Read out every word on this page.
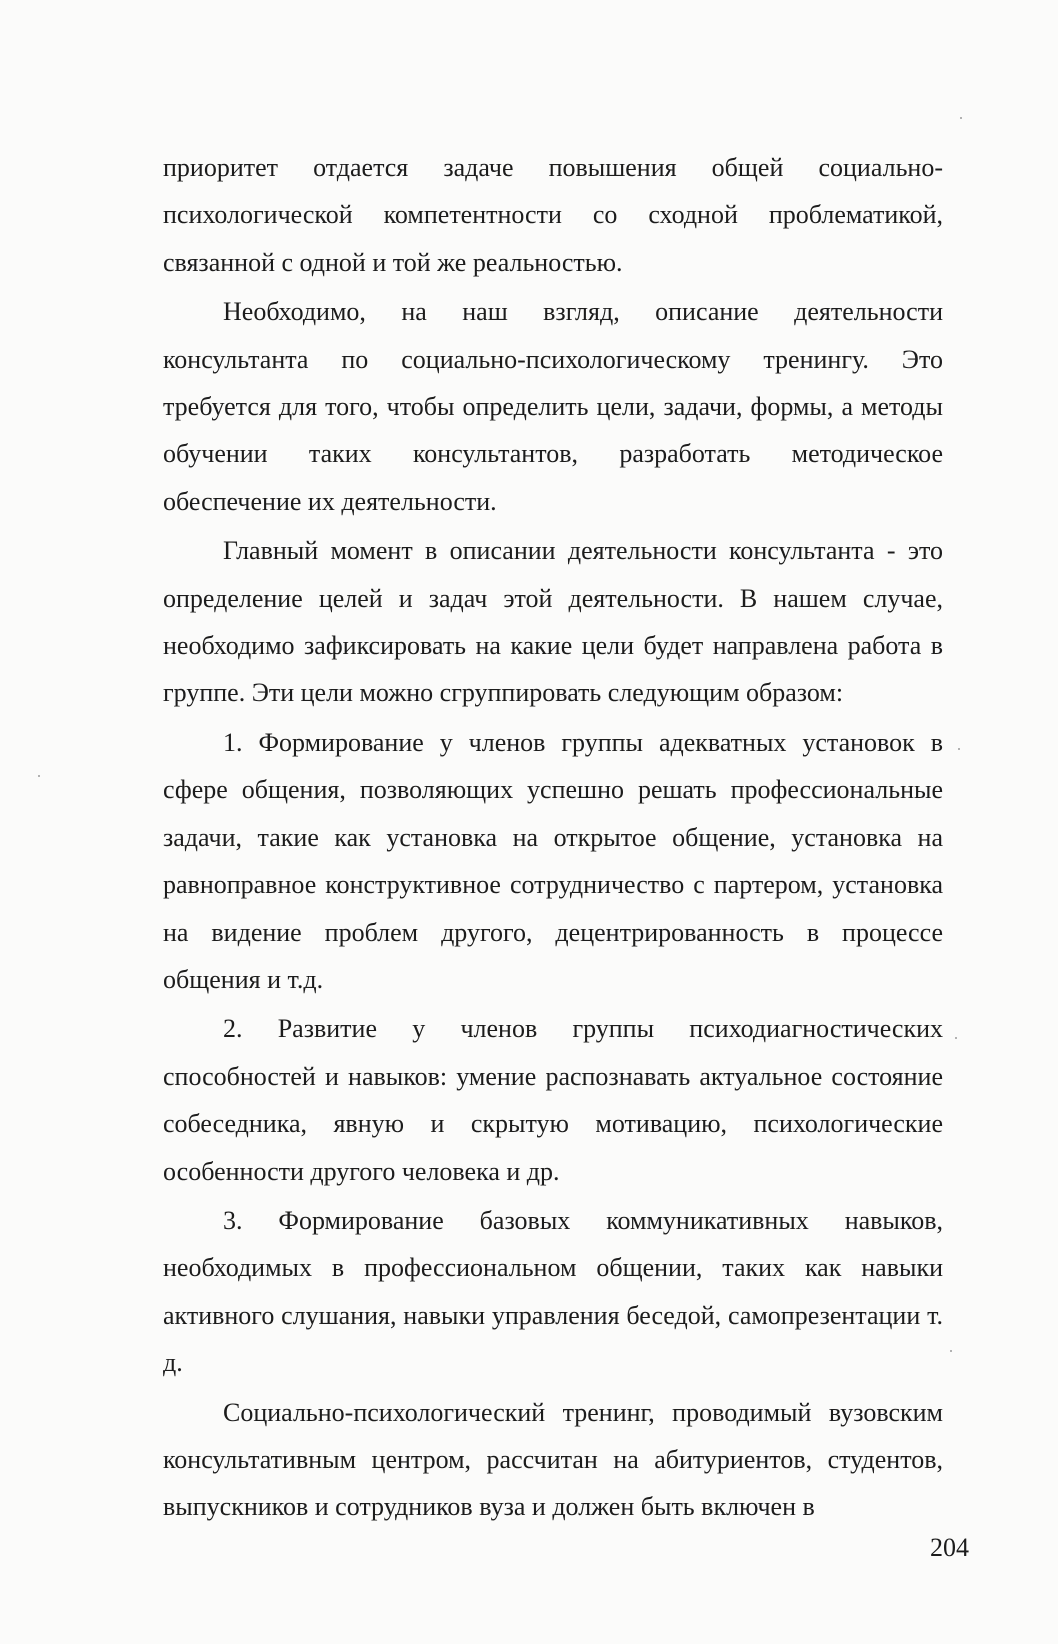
приоритет отдается задаче повышения общей социально-психологической компетентности со сходной проблематикой, связанной с одной и той же реальностью.

Необходимо, на наш взгляд, описание деятельности консультанта по социально-психологическому тренингу. Это требуется для того, чтобы определить цели, задачи, формы, а методы обучении таких консультантов, разработать методическое обеспечение их деятельности.

Главный момент в описании деятельности консультанта - это определение целей и задач этой деятельности. В нашем случае, необходимо зафиксировать на какие цели будет направлена работа в группе. Эти цели можно сгруппировать следующим образом:

1. Формирование у членов группы адекватных установок в сфере общения, позволяющих успешно решать профессиональные задачи, такие как установка на открытое общение, установка на равноправное конструктивное сотрудничество с партером, установка на видение проблем другого, децентрированность в процессе общения и т.д.

2. Развитие у членов группы психодиагностических способностей и навыков: умение распознавать актуальное состояние собеседника, явную и скрытую мотивацию, психологические особенности другого человека и др.

3. Формирование базовых коммуникативных навыков, необходимых в профессиональном общении, таких как навыки активного слушания, навыки управления беседой, самопрезентации т. д.

Социально-психологический тренинг, проводимый вузовским консультативным центром, рассчитан на абитуриентов, студентов, выпускников и сотрудников вуза и должен быть включен в

204
